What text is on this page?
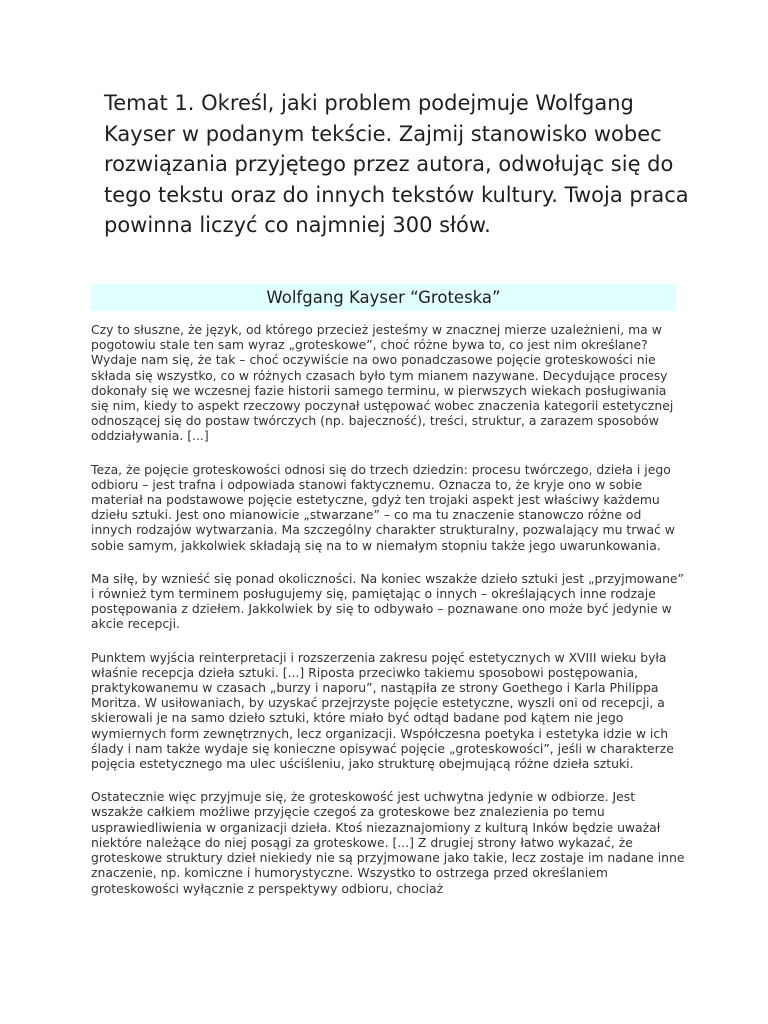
Temat 1. Określ, jaki problem podejmuje Wolfgang Kayser w podanym tekście. Zajmij stanowisko wobec rozwiązania przyjętego przez autora, odwołując się do tego tekstu oraz do innych tekstów kultury. Twoja praca powinna liczyć co najmniej 300 słów.
Wolfgang Kayser “Groteska”

Czy to słuszne, że język, od którego przecież jesteśmy w znacznej mierze uzależnieni, ma w pogotowiu stale ten sam wyraz „groteskowe”, choć różne bywa to, co jest nim określane? Wydaje nam się, że tak – choć oczywiście na owo ponadczasowe pojęcie groteskowości nie składa się wszystko, co w różnych czasach było tym mianem nazywane. Decydujące procesy dokonały się we wczesnej fazie historii samego terminu, w pierwszych wiekach posługiwania się nim, kiedy to aspekt rzeczowy poczynał ustępować wobec znaczenia kategorii estetycznej odnoszącej się do postaw twórczych (np. bajeczność), treści, struktur, a zarazem sposobów oddziaływania. [...]

Teza, że pojęcie groteskowości odnosi się do trzech dziedzin: procesu twórczego, dzieła i jego odbioru – jest trafna i odpowiada stanowi faktycznemu. Oznacza to, że kryje ono w sobie materiał na podstawowe pojęcie estetyczne, gdyż ten trojaki aspekt jest właściwy każdemu dziełu sztuki. Jest ono mianowicie „stwarzane” – co ma tu znaczenie stanowczo różne od innych rodzajów wytwarzania. Ma szczególny charakter strukturalny, pozwalający mu trwać w sobie samym, jakkolwiek składają się na to w niemałym stopniu także jego uwarunkowania.

Ma siłę, by wznieść się ponad okoliczności. Na koniec wszakże dzieło sztuki jest „przyjmowane” i również tym terminem posługujemy się, pamiętając o innych – określających inne rodzaje postępowania z dziełem. Jakkolwiek by się to odbywało – poznawane ono może być jedynie w akcie recepcji.

Punktem wyjścia reinterpretacji i rozszerzenia zakresu pojęć estetycznych w XVIII wieku była właśnie recepcja dzieła sztuki. [...] Riposta przeciwko takiemu sposobowi postępowania, praktykowanemu w czasach „burzy i naporu”, nastąpiła ze strony Goethego i Karla Philippa Moritza. W usiłowaniach, by uzyskać przejrzyste pojęcie estetyczne, wyszli oni od recepcji, a skierowali je na samo dzieło sztuki, które miało być odtąd badane pod kątem nie jego wymiernych form zewnętrznych, lecz organizacji. Współczesna poetyka i estetyka idzie w ich ślady i nam także wydaje się konieczne opisywać pojęcie „groteskowości”, jeśli w charakterze pojęcia estetycznego ma ulec uściśleniu, jako strukturę obejmującą różne dzieła sztuki.

Ostatecznie więc przyjmuje się, że groteskowość jest uchwytna jedynie w odbiorze. Jest wszakże całkiem możliwe przyjęcie czegoś za groteskowe bez znalezienia po temu usprawiedliwienia w organizacji dzieła. Ktoś niezaznajomiony z kulturą Inków będzie uważał niektóre należące do niej posągi za groteskowe. [...] Z drugiej strony łatwo wykazać, że groteskowe struktury dzieł niekiedy nie są przyjmowane jako takie, lecz zostaje im nadane inne znaczenie, np. komiczne i humorystyczne. Wszystko to ostrzega przed określaniem groteskowości wyłącznie z perspektywy odbioru, chociaż
